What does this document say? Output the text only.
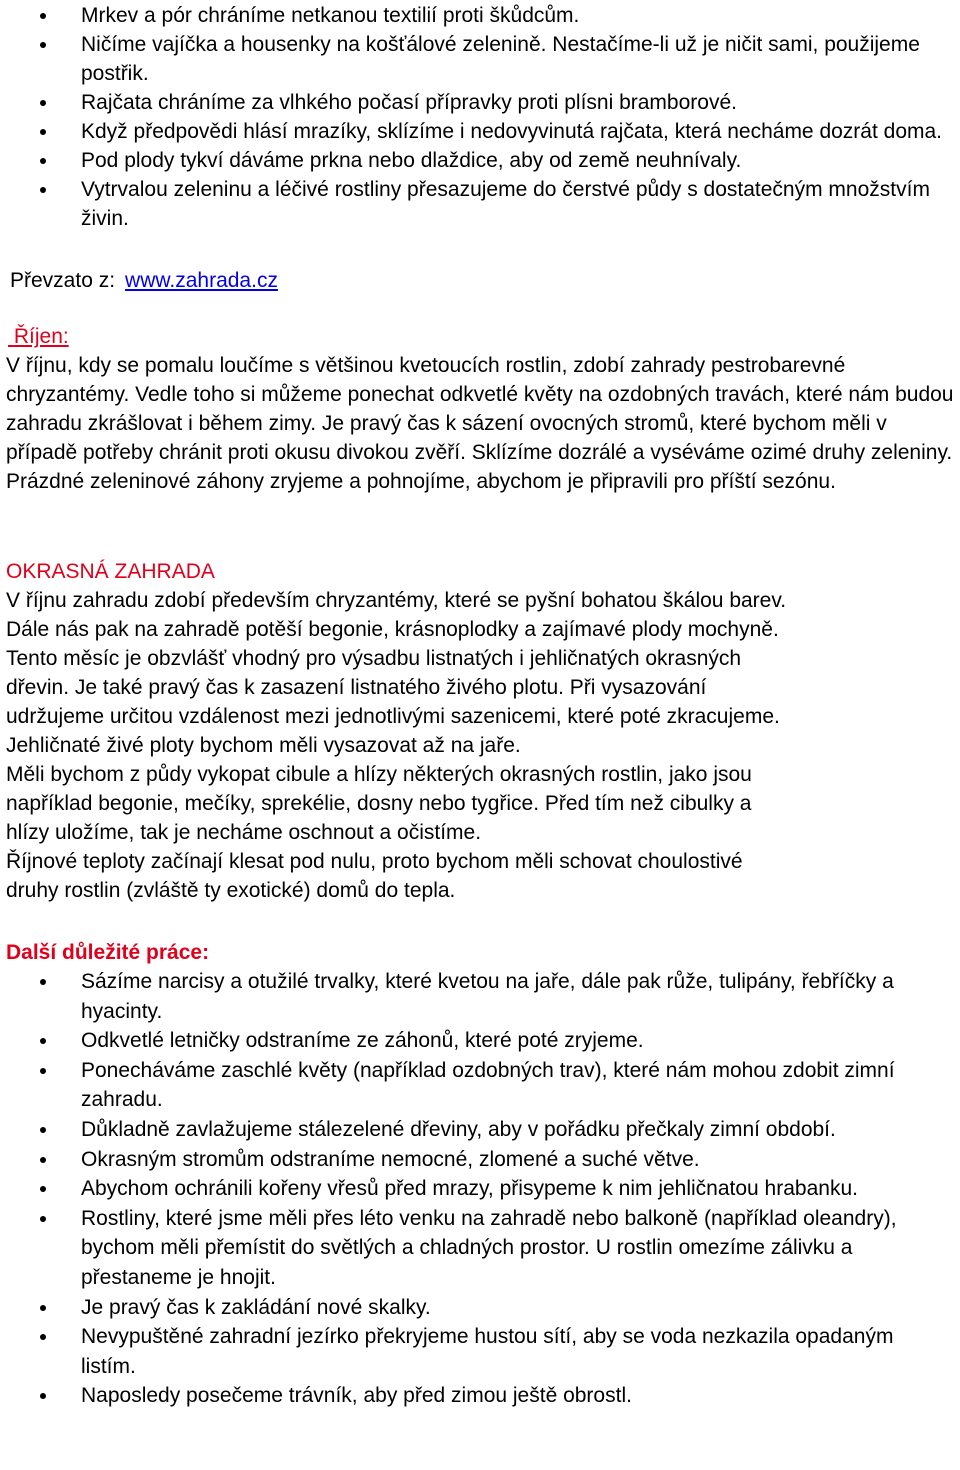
Mrkev a pór chráníme netkanou textilií proti škůdcům.
Ničíme vajíčka a housenky na košťálové zelenině. Nestačíme-li už je ničit sami, použijeme postřik.
Rajčata chráníme za vlhkého počasí přípravky proti plísni bramborové.
Když předpovědi hlásí mrazíky, sklízíme i nedovyvinutá rajčata, která necháme dozrát doma.
Pod plody tykví dáváme prkna nebo dlaždice, aby od země neuhnívaly.
Vytrvalou zeleninu a léčivé rostliny přesazujeme do čerstvé půdy s dostatečným množstvím živin.
Převzato z: www.zahrada.cz
Říjen:

V říjnu, kdy se pomalu loučíme s většinou kvetoucích rostlin, zdobí zahrady pestrobarevné chryzantémy. Vedle toho si můžeme ponechat odkvetlé květy na ozdobných travách, které nám budou zahradu zkrášlovat i během zimy. Je pravý čas k sázení ovocných stromů, které bychom měli v případě potřeby chránit proti okusu divokou zvěří. Sklízíme dozrálé a vyséváme ozimé druhy zeleniny. Prázdné zeleninové záhony zryjeme a pohnojíme, abychom je připravili pro příští sezónu.

OKRASNÁ ZAHRADA
V říjnu zahradu zdobí především chryzantémy, které se pyšní bohatou škálou barev.
Dále nás pak na zahradě potěší begonie, krásnoplodky a zajímavé plody mochyně.
Tento měsíc je obzvlášť vhodný pro výsadbu listnatých i jehličnatých okrasných
dřevin. Je také pravý čas k zasazení listnatého živého plotu. Při vysazování
udržujeme určitou vzdálenost mezi jednotlivými sazenicemi, které poté zkracujeme.
Jehličnaté živé ploty bychom měli vysazovat až na jaře.
Měli bychom z půdy vykopat cibule a hlízy některých okrasných rostlin, jako jsou
například begonie, mečíky, sprekélie, dosny nebo tygřice. Před tím než cibulky a
hlízy uložíme, tak je necháme oschnout a očistíme.
Říjnové teploty začínají klesat pod nulu, proto bychom měli schovat choulostivé
druhy rostlin (zvláště ty exotické) domů do tepla.
Další důležité práce:
Sázíme narcisy a otužilé trvalky, které kvetou na jaře, dále pak růže, tulipány, řebříčky a hyacinty.
Odkvetlé letničky odstraníme ze záhonů, které poté zryjeme.
Ponecháváme zaschlé květy (například ozdobných trav), které nám mohou zdobit zimní zahradu.
Důkladně zavlažujeme stálezelené dřeviny, aby v pořádku přečkaly zimní období.
Okrasným stromům odstraníme nemocné, zlomené a suché větve.
Abychom ochránili kořeny vřesů před mrazy, přisypeme k nim jehličnatou hrabanku.
Rostliny, které jsme měli přes léto venku na zahradě nebo balkoně (například oleandry), bychom měli přemístit do světlých a chladných prostor. U rostlin omezíme zálivku a přestaneme je hnojit.
Je pravý čas k zakládání nové skalky.
Nevypuštěné zahradní jezírko překryjeme hustou sítí, aby se voda nezkazila opadaným listím.
Naposledy posečeme trávník, aby před zimou ještě obrostl.
